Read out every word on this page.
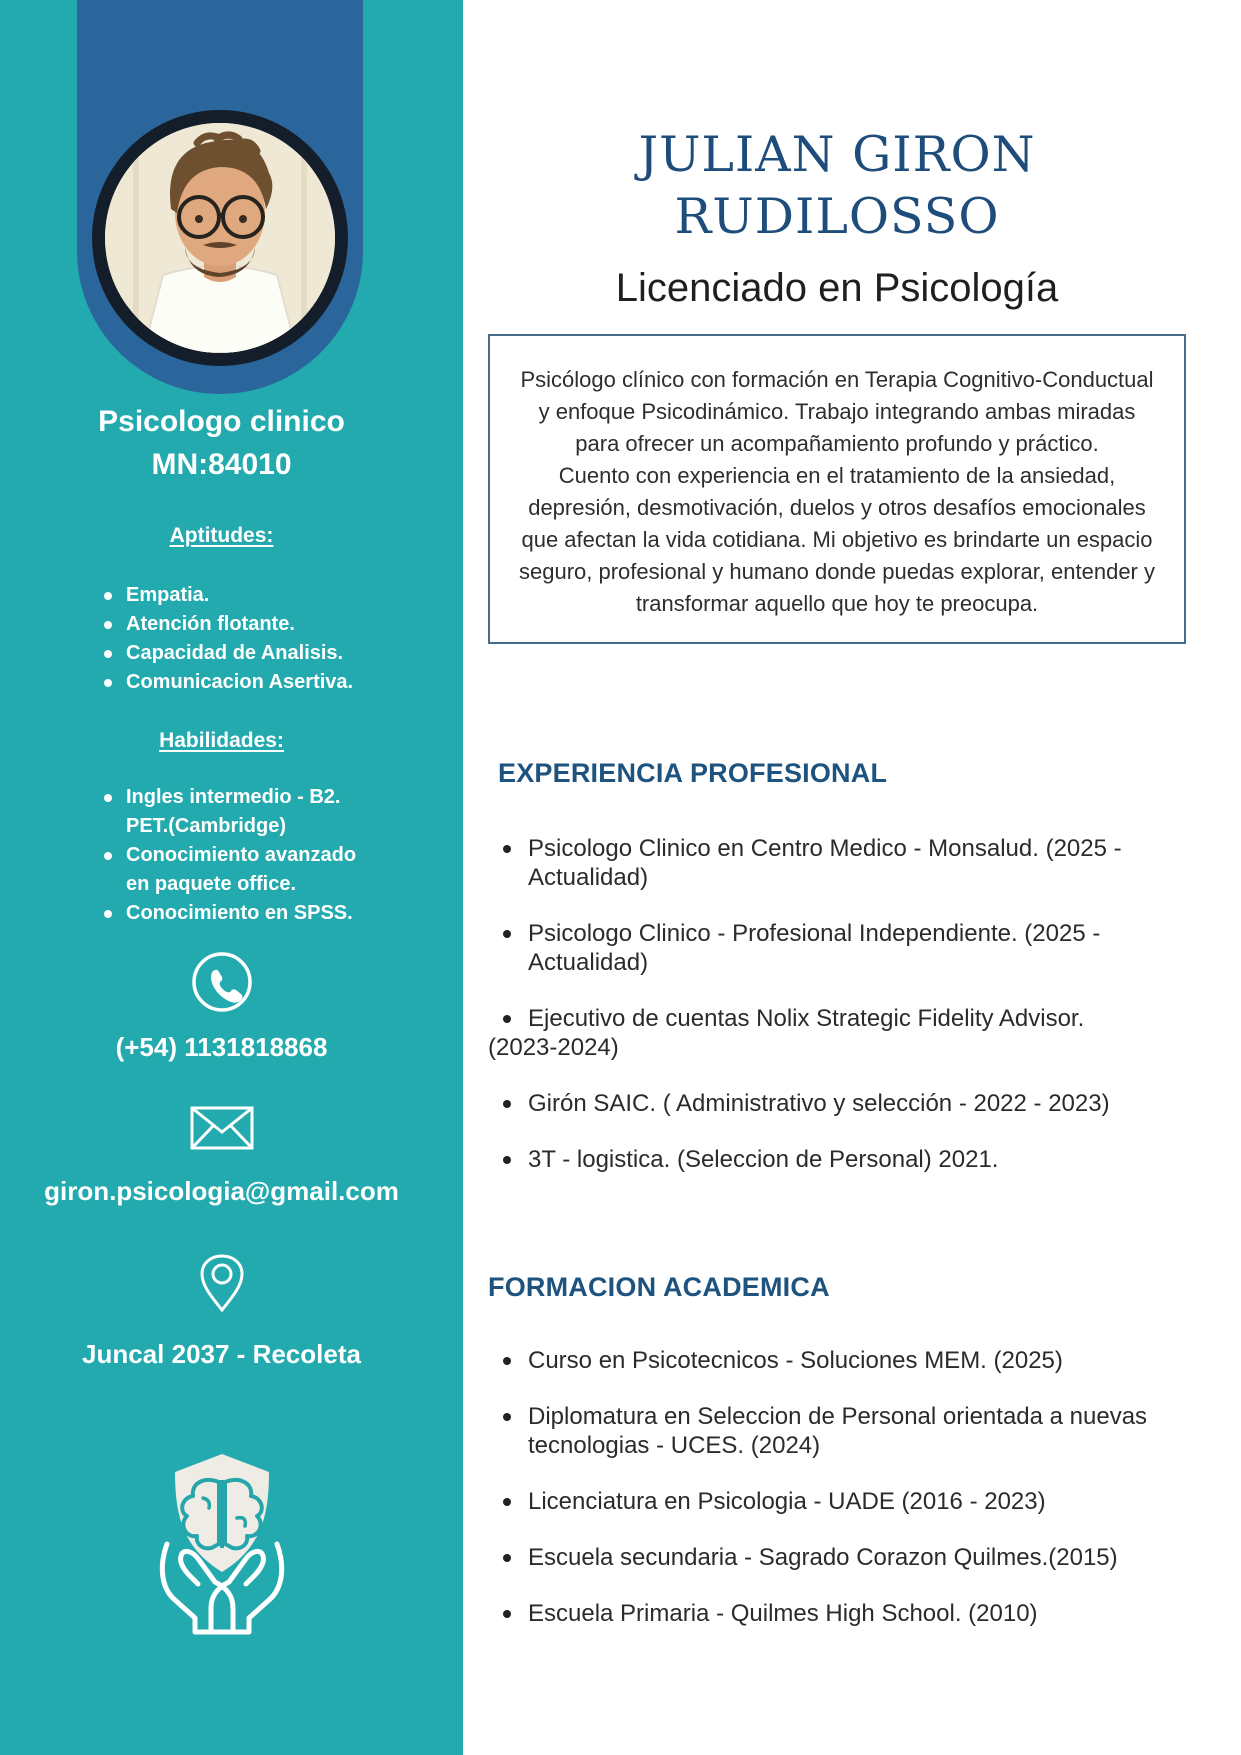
Psicologo clinico
MN:84010
Aptitudes:
Empatia.
Atención flotante.
Capacidad de Analisis.
Comunicacion Asertiva.
Habilidades:
Ingles intermedio - B2. PET.(Cambridge)
Conocimiento avanzado en paquete office.
Conocimiento en SPSS.
(+54) 1131818868
giron.psicologia@gmail.com
Juncal 2037 - Recoleta
JULIAN GIRON
RUDILOSSO
Licenciado en Psicología
Psicólogo clínico con formación en Terapia Cognitivo-Conductual y enfoque Psicodinámico. Trabajo integrando ambas miradas para ofrecer un acompañamiento profundo y práctico.
Cuento con experiencia en el tratamiento de la ansiedad, depresión, desmotivación, duelos y otros desafíos emocionales que afectan la vida cotidiana. Mi objetivo es brindarte un espacio seguro, profesional y humano donde puedas explorar, entender y transformar aquello que hoy te preocupa.
EXPERIENCIA PROFESIONAL
Psicologo Clinico en Centro Medico - Monsalud. (2025 - Actualidad)
Psicologo Clinico - Profesional Independiente. (2025 - Actualidad)
Ejecutivo de cuentas Nolix Strategic Fidelity Advisor.
(2023-2024)
Girón SAIC. ( Administrativo y selección - 2022 - 2023)
3T - logistica. (Seleccion de Personal) 2021.
FORMACION ACADEMICA
Curso en Psicotecnicos - Soluciones MEM. (2025)
Diplomatura en Seleccion de Personal orientada a nuevas tecnologias - UCES. (2024)
Licenciatura en Psicologia - UADE (2016 - 2023)
Escuela secundaria - Sagrado Corazon Quilmes.(2015)
Escuela Primaria - Quilmes High School. (2010)
